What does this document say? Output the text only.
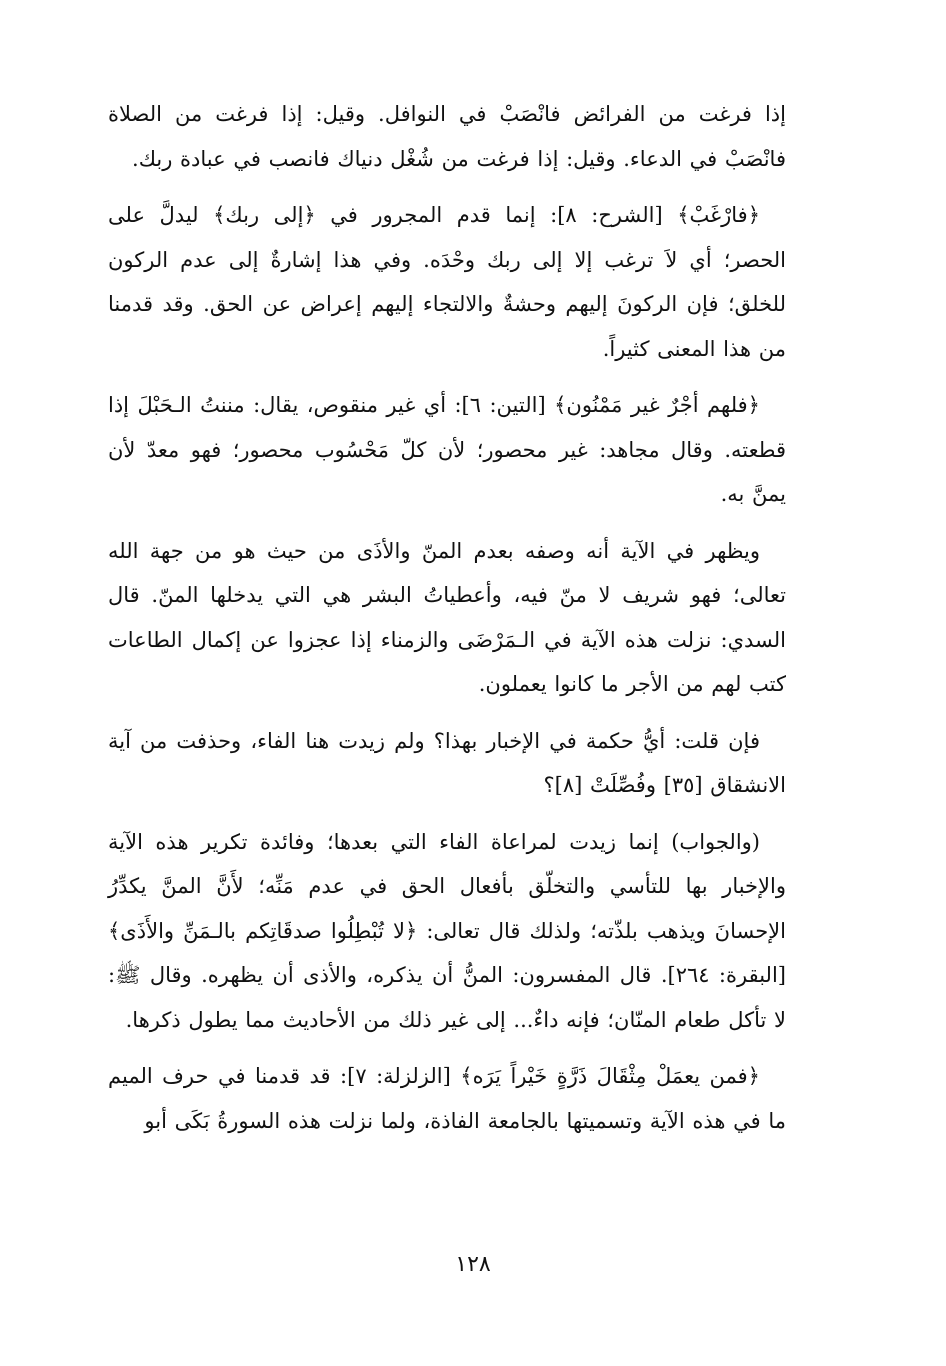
إذا فرغت من الفرائض فانْصَبْ في النوافل. وقيل: إذا فرغت من الصلاة فانْصَبْ في الدعاء. وقيل: إذا فرغت من شُغْل دنياك فانصب في عبادة ربك.

﴿فارْغَبْ﴾ [الشرح: ٨]: إنما قدم المجرور في ﴿إلى ربك﴾ ليدلَّ على الحصر؛ أي لاَ ترغب إلا إلى ربك وحْدَه. وفي هذا إشارةٌ إلى عدم الركون للخلق؛ فإن الركونَ إليهم وحشةٌ والالتجاء إليهم إعراض عن الحق. وقد قدمنا من هذا المعنى كثيراً.

﴿فلهم أجْرٌ غير مَمْنُون﴾ [التين: ٦]: أي غير منقوص، يقال: مننتُ الـحَبْلَ إذا قطعته. وقال مجاهد: غير محصور؛ لأن كلّ مَحْسُوب محصور؛ فهو معدّ لأن يمنَّ به.

ويظهر في الآية أنه وصفه بعدم المنّ والأذَى من حيث هو من جهة الله تعالى؛ فهو شريف لا منّ فيه، وأعطياتُ البشر هي التي يدخلها المنّ. قال السدي: نزلت هذه الآية في الـمَرْضَى والزمناء إذا عجزوا عن إكمال الطاعات كتب لهم من الأجر ما كانوا يعملون.

فإن قلت: أيُّ حكمة في الإخبار بهذا؟ ولم زيدت هنا الفاء، وحذفت من آية الانشقاق [٣٥] وفُصِّلَتْ [٨]؟

(والجواب) إنما زيدت لمراعاة الفاء التي بعدها؛ وفائدة تكرير هذه الآية والإخبار بها للتأسي والتخلّق بأفعال الحق في عدم مَنِّه؛ لأَنَّ المنَّ يكدِّرُ الإحسانَ ويذهب بلذّته؛ ولذلك قال تعالى: ﴿لا تُبْطِلُوا صدقَاتِكم بالـمَنِّ والأَذَى﴾ [البقرة: ٢٦٤]. قال المفسرون: المنُّ أن يذكره، والأذى أن يظهره. وقال ﷺ: لا تأكل طعام المنّان؛ فإنه داءٌ... إلى غير ذلك من الأحاديث مما يطول ذكرها.

﴿فمن يعمَلْ مِثْقَالَ ذَرَّةٍ خَيْراً يَرَه﴾ [الزلزلة: ٧]: قد قدمنا في حرف الميم ما في هذه الآية وتسميتها بالجامعة الفاذة، ولما نزلت هذه السورةُ بَكَى أبو

١٢٨
